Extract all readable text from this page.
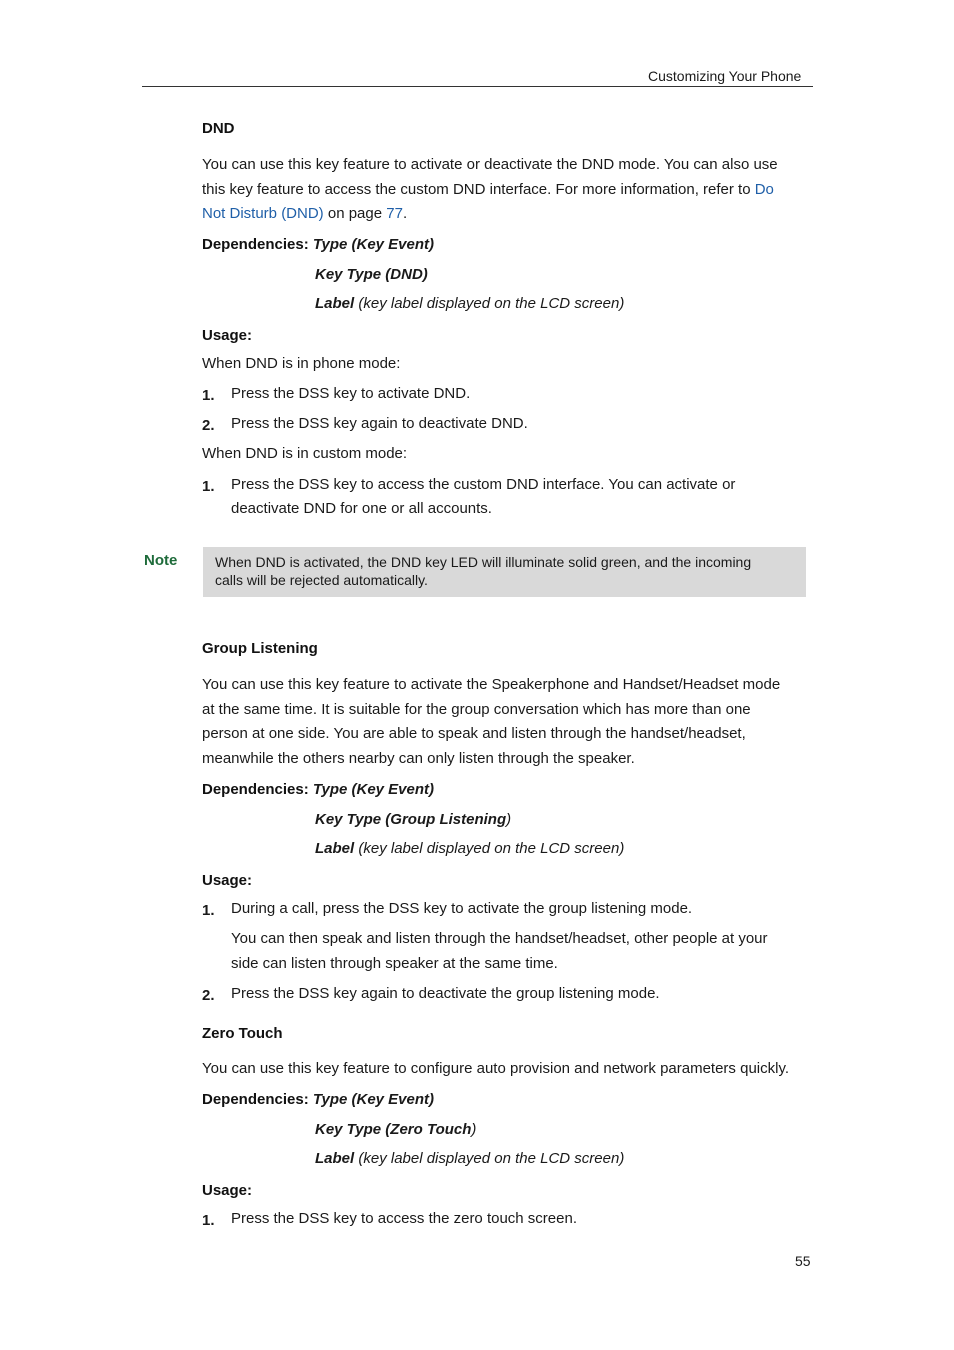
Customizing Your Phone
DND
You can use this key feature to activate or deactivate the DND mode. You can also use
this key feature to access the custom DND interface. For more information, refer to Do
Not Disturb (DND) on page 77.
Dependencies: Type (Key Event)
Key Type (DND)
Label (key label displayed on the LCD screen)
Usage:
When DND is in phone mode:
1. Press the DSS key to activate DND.
2. Press the DSS key again to deactivate DND.
When DND is in custom mode:
1. Press the DSS key to access the custom DND interface. You can activate or
deactivate DND for one or all accounts.
Note	When DND is activated, the DND key LED will illuminate solid green, and the incoming
calls will be rejected automatically.
Group Listening
You can use this key feature to activate the Speakerphone and Handset/Headset mode
at the same time. It is suitable for the group conversation which has more than one
person at one side. You are able to speak and listen through the handset/headset,
meanwhile the others nearby can only listen through the speaker.
Dependencies: Type (Key Event)
Key Type (Group Listening)
Label (key label displayed on the LCD screen)
Usage:
1. During a call, press the DSS key to activate the group listening mode.
You can then speak and listen through the handset/headset, other people at your
side can listen through speaker at the same time.
2. Press the DSS key again to deactivate the group listening mode.
Zero Touch
You can use this key feature to configure auto provision and network parameters quickly.
Dependencies: Type (Key Event)
Key Type (Zero Touch)
Label (key label displayed on the LCD screen)
Usage:
1. Press the DSS key to access the zero touch screen.
55
